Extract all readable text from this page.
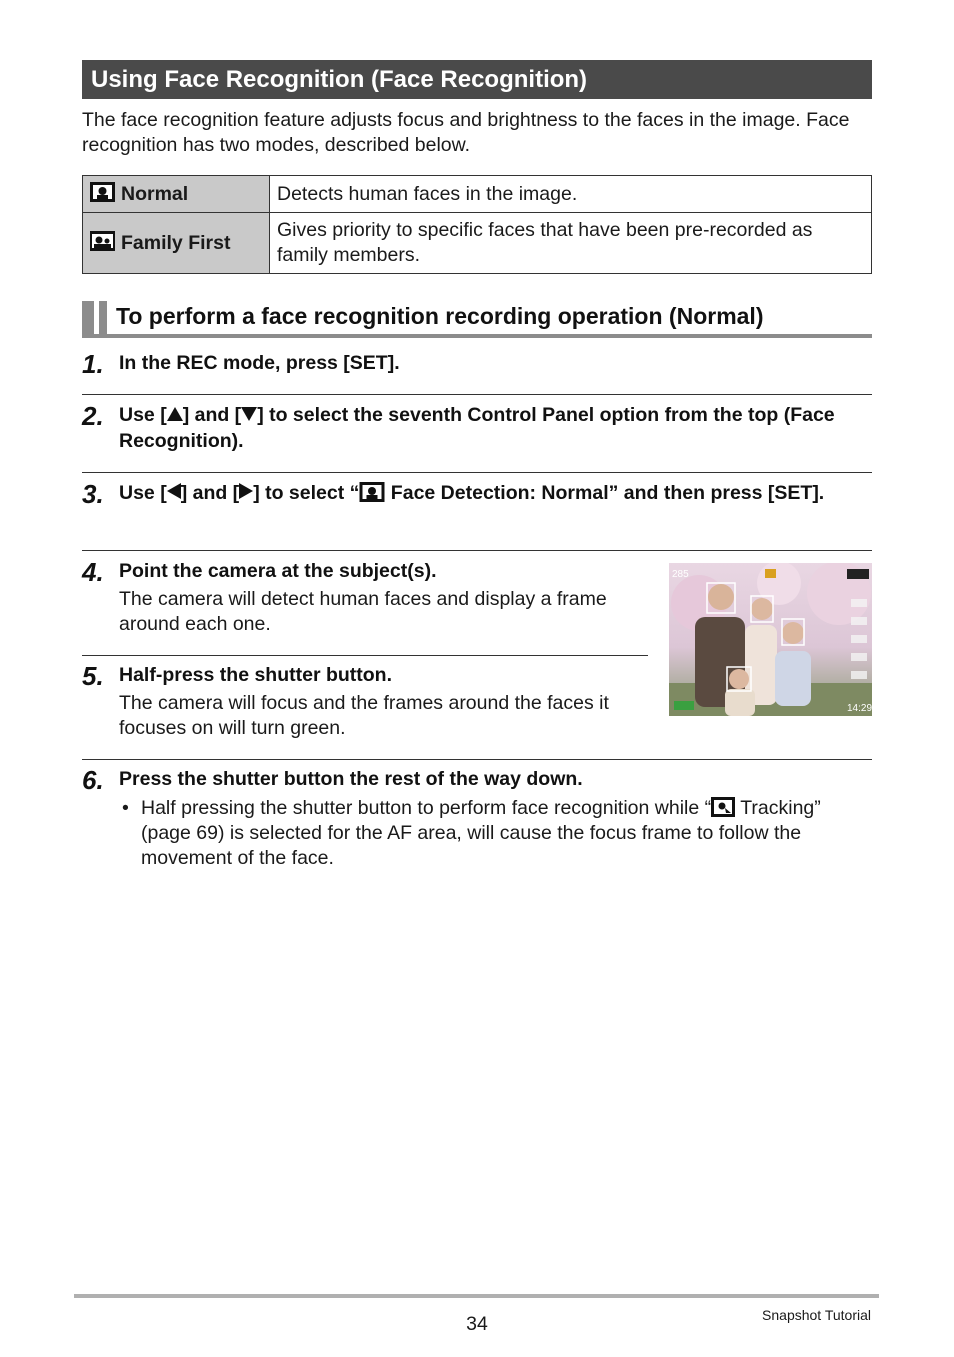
Using Face Recognition (Face Recognition)

The face recognition feature adjusts focus and brightness to the faces in the image. Face recognition has two modes, described below.

Normal	Detects human faces in the image.
Family First	Gives priority to specific faces that have been pre-recorded as family members.
To perform a face recognition recording operation (Normal)
1. In the REC mode, press [SET].

2. Use [ ] and [ ] to select the seventh Control Panel option from the top (Face Recognition).

3. Use [ ] and [ ] to select “ Face Detection: Normal” and then press [SET].

4. Point the camera at the subject(s).

The camera will detect human faces and display a frame around each one.

5. Half-press the shutter button.

The camera will focus and the frames around the faces it focuses on will turn green.

285
14:29
6. Press the shutter button the rest of the way down.

• Half pressing the shutter button to perform face recognition while “ Tracking” (page 69) is selected for the AF area, will cause the focus frame to follow the movement of the face.

34	Snapshot Tutorial
